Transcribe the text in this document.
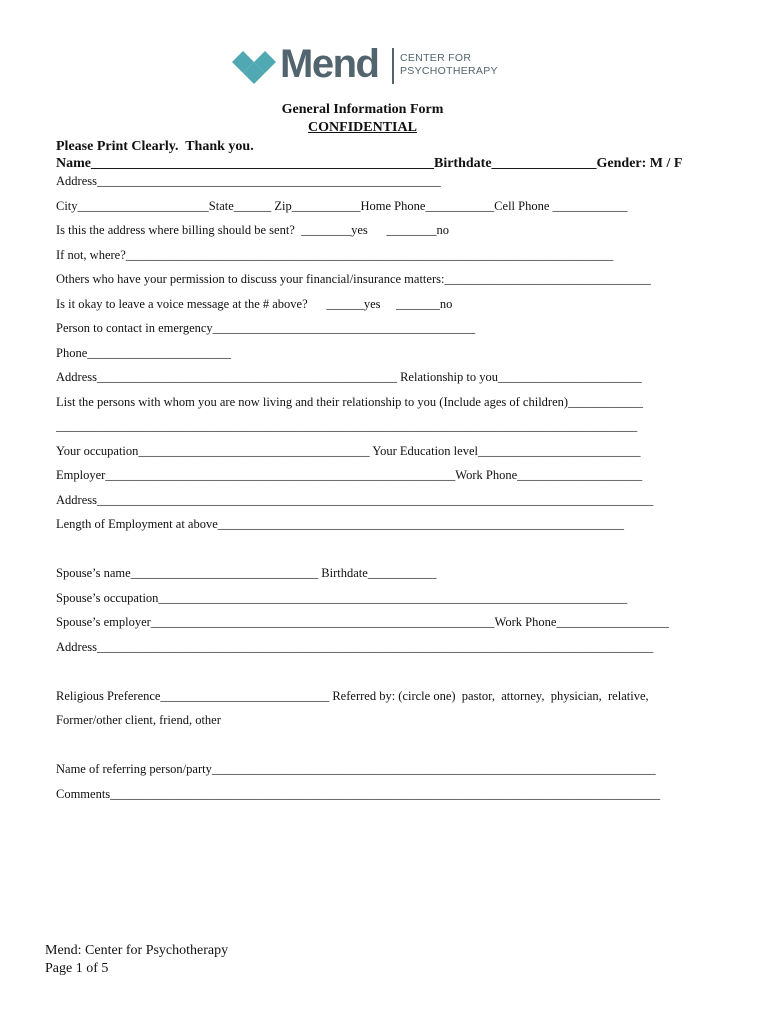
Mend CENTER FOR
PSYCHOTHERAPY
General Information Form
CONFIDENTIAL
Please Print Clearly.  Thank you.
Name_________________________________________________Birthdate_______________Gender: M / F
Address_______________________________________________________
City_____________________State______ Zip___________Home Phone___________Cell Phone ____________
Is this the address where billing should be sent?  ________yes      ________no
If not, where?______________________________________________________________________________
Others who have your permission to discuss your financial/insurance matters:_________________________________
Is it okay to leave a voice message at the # above?      ______yes     _______no
Person to contact in emergency__________________________________________
Phone_______________________
Address________________________________________________ Relationship to you_______________________
List the persons with whom you are now living and their relationship to you (Include ages of children)____________
_____________________________________________________________________________________________
Your occupation_____________________________________ Your Education level__________________________
Employer________________________________________________________Work Phone____________________
Address_________________________________________________________________________________________
Length of Employment at above_________________________________________________________________
Spouse’s name______________________________ Birthdate___________
Spouse’s occupation___________________________________________________________________________
Spouse’s employer_______________________________________________________Work Phone__________________
Address_________________________________________________________________________________________
Religious Preference___________________________ Referred by: (circle one)  pastor,  attorney,  physician,  relative,
Former/other client, friend, other
Name of referring person/party_______________________________________________________________________
Comments________________________________________________________________________________________
Mend: Center for Psychotherapy
Page 1 of 5
